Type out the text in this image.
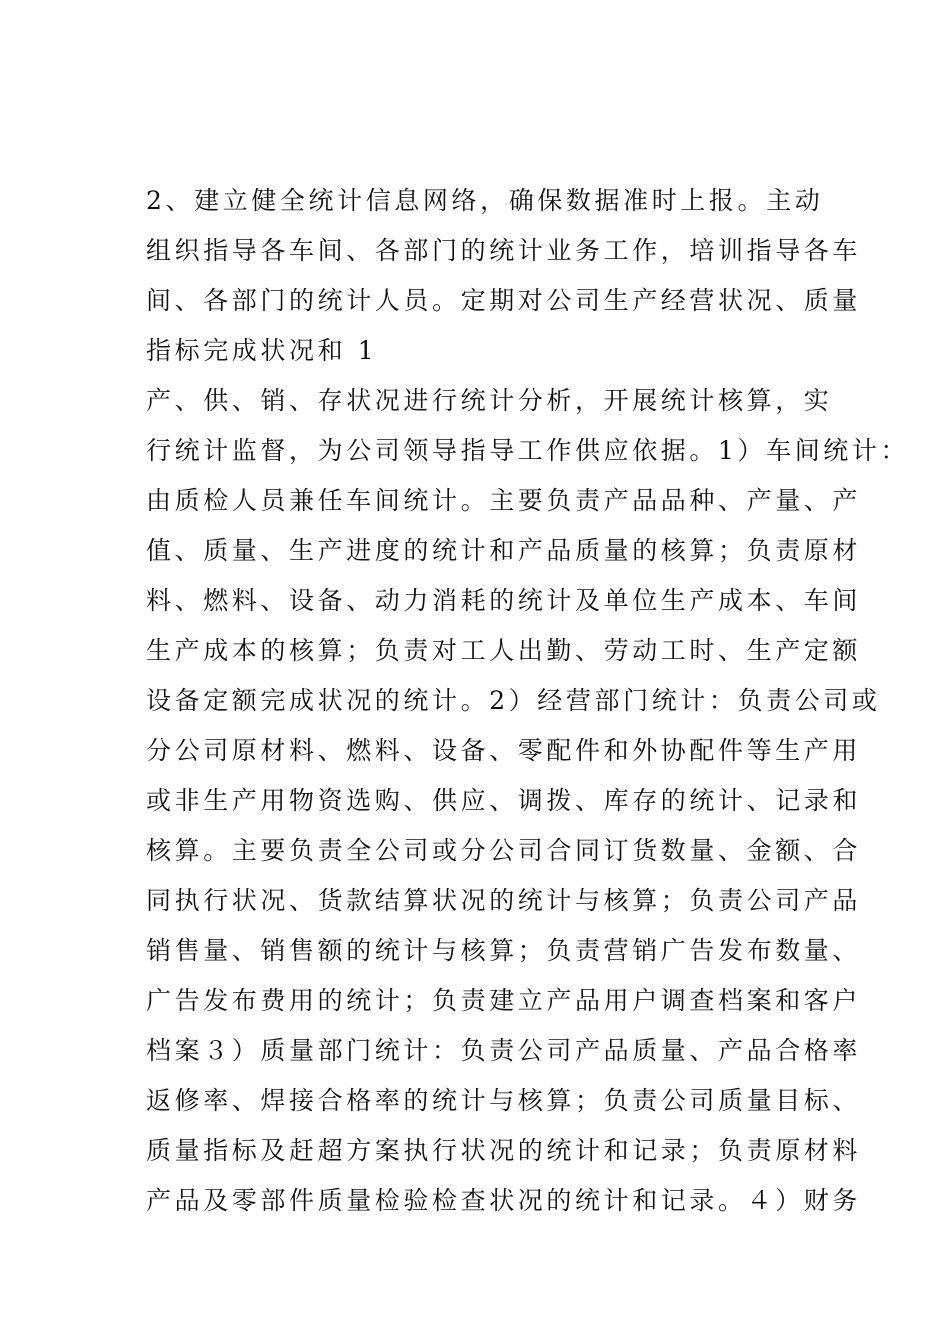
2、建立健全统计信息网络，确保数据准时上报。主动
组织指导各车间、各部门的统计业务工作，培训指导各车
间、各部门的统计人员。定期对公司生产经营状况、质量
指标完成状况和 1
产、供、销、存状况进行统计分析，开展统计核算，实
行统计监督，为公司领导指导工作供应依据。1）车间统计：
由质检人员兼任车间统计。主要负责产品品种、产量、产
值、质量、生产进度的统计和产品质量的核算；负责原材
料、燃料、设备、动力消耗的统计及单位生产成本、车间
生产成本的核算；负责对工人出勤、劳动工时、生产定额
设备定额完成状况的统计。2）经营部门统计：负责公司或
分公司原材料、燃料、设备、零配件和外协配件等生产用
或非生产用物资选购、供应、调拨、库存的统计、记录和
核算。主要负责全公司或分公司合同订货数量、金额、合
同执行状况、货款结算状况的统计与核算；负责公司产品
销售量、销售额的统计与核算；负责营销广告发布数量、
广告发布费用的统计；负责建立产品用户调查档案和客户
档案３）质量部门统计：负责公司产品质量、产品合格率
返修率、焊接合格率的统计与核算；负责公司质量目标、
质量指标及赶超方案执行状况的统计和记录；负责原材料
产品及零部件质量检验检查状况的统计和记录。４）财务
